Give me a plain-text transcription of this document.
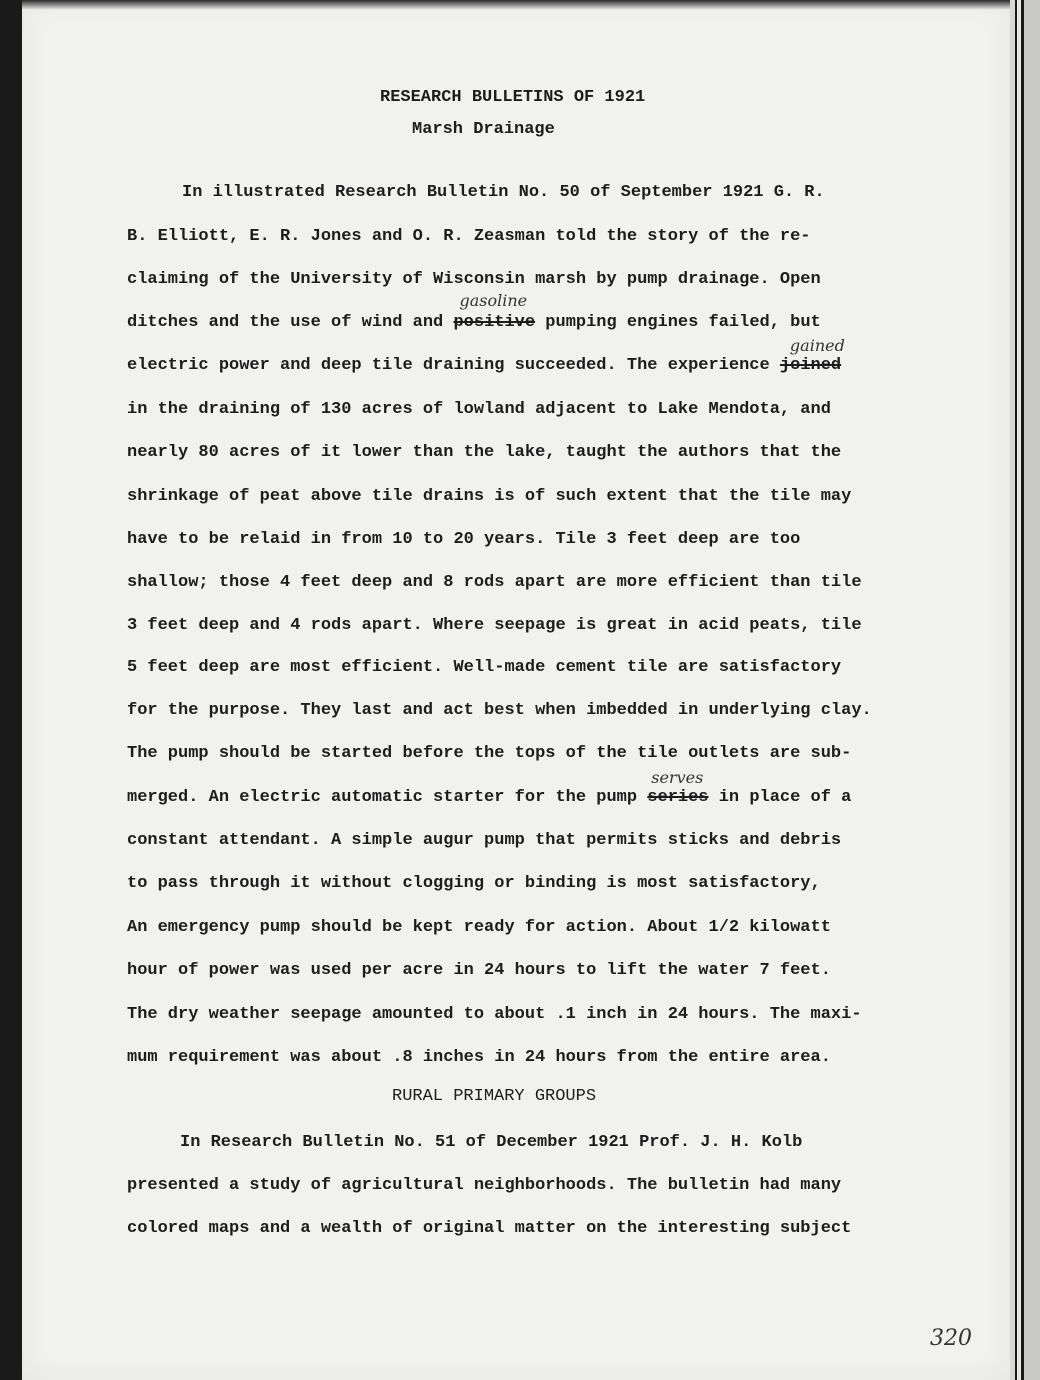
RESEARCH BULLETINS OF 1921

Marsh Drainage

In illustrated Research Bulletin No. 50 of September 1921 G. R.

B. Elliott, E. R. Jones and O. R. Zeasman told the story of the re-

claiming of the University of Wisconsin marsh by pump drainage. Open

ditches and the use of wind and
gasoline
positive pumping engines failed, but

electric power and deep tile draining succeeded. The experience
gained
joined

in the draining of 130 acres of lowland adjacent to Lake Mendota, and

nearly 80 acres of it lower than the lake, taught the authors that the

shrinkage of peat above tile drains is of such extent that the tile may

have to be relaid in from 10 to 20 years. Tile 3 feet deep are too

shallow; those 4 feet deep and 8 rods apart are more efficient than tile

3 feet deep and 4 rods apart. Where seepage is great in acid peats, tile

5 feet deep are most efficient. Well-made cement tile are satisfactory

for the purpose. They last and act best when imbedded in underlying clay.

The pump should be started before the tops of the tile outlets are sub-

merged. An electric automatic starter for the pump
serves
series in place of a

constant attendant. A simple augur pump that permits sticks and debris

to pass through it without clogging or binding is most satisfactory,

An emergency pump should be kept ready for action. About 1/2 kilowatt

hour of power was used per acre in 24 hours to lift the water 7 feet.

The dry weather seepage amounted to about .1 inch in 24 hours. The maxi-

mum requirement was about .8 inches in 24 hours from the entire area.

RURAL PRIMARY GROUPS

In Research Bulletin No. 51 of December 1921 Prof. J. H. Kolb

presented a study of agricultural neighborhoods. The bulletin had many

colored maps and a wealth of original matter on the interesting subject

320
